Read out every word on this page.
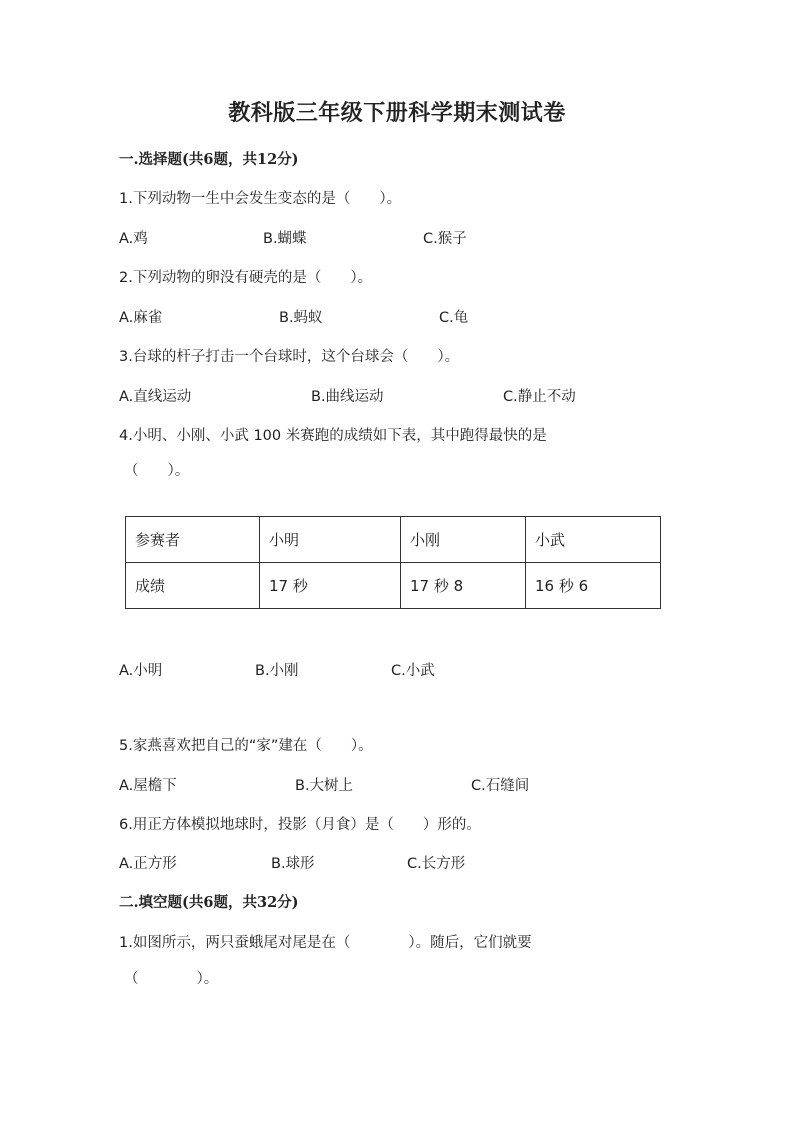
教科版三年级下册科学期末测试卷
一.选择题(共6题，共12分)
1.下列动物一生中会发生变态的是（　　）。
A.鸡	B.蝴蝶	C.猴子
2.下列动物的卵没有硬壳的是（　　）。
A.麻雀	B.蚂蚁	C.龟
3.台球的杆子打击一个台球时，这个台球会（　　）。
A.直线运动	B.曲线运动	C.静止不动
4.小明、小刚、小武 100 米赛跑的成绩如下表，其中跑得最快的是
（　　）。
参赛者	小明	小刚	小武
成绩	17 秒	17 秒 8	16 秒 6
A.小明	B.小刚	C.小武
5.家燕喜欢把自己的“家”建在（　　）。
A.屋檐下	B.大树上	C.石缝间
6.用正方体模拟地球时，投影（月食）是（　　）形的。
A.正方形	B.球形	C.长方形
二.填空题(共6题，共32分)
1.如图所示，两只蚕蛾尾对尾是在（　　　　）。随后，它们就要
（　　　　）。
